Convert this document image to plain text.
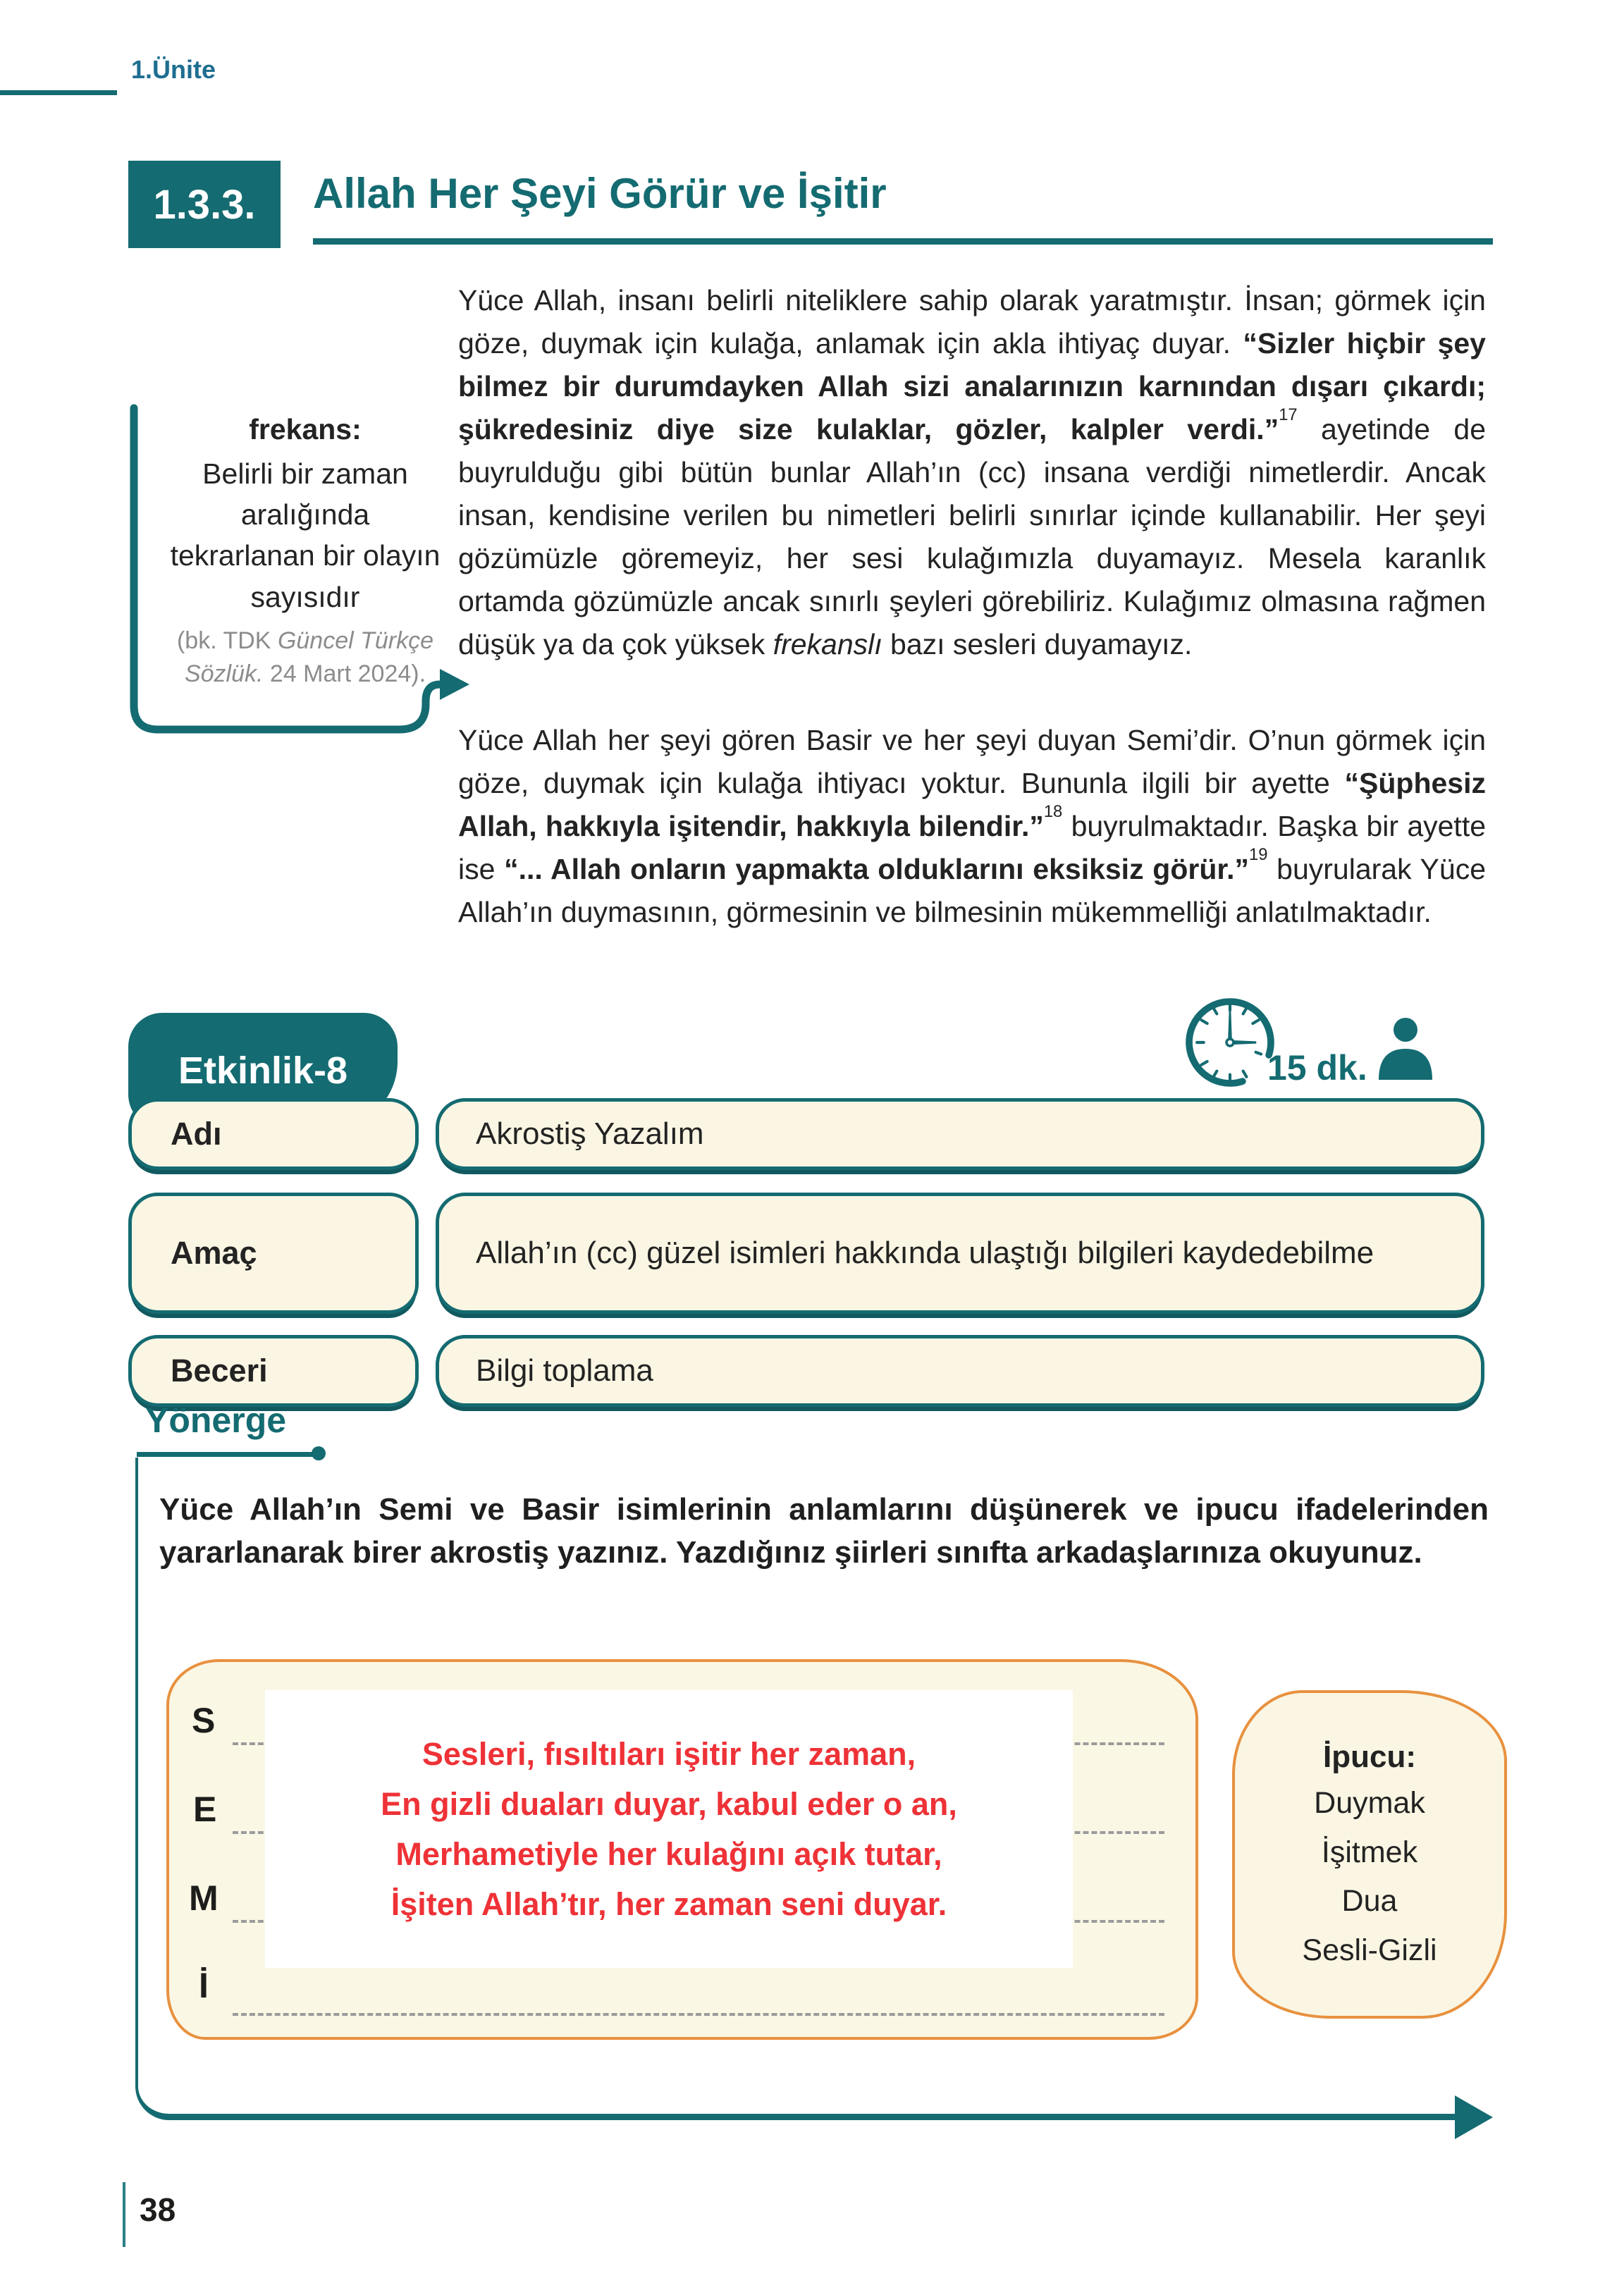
1.Ünite
1.3.3.	Allah Her Şeyi Görür ve İşitir
frekans:
Belirli bir zaman aralığında tekrarlanan bir olayın sayısıdır
(bk. TDK Güncel Türkçe Sözlük. 24 Mart 2024).
Yüce Allah, insanı belirli niteliklere sahip olarak yaratmıştır. İnsan; görmek için göze, duymak için kulağa, anlamak için akla ihtiyaç duyar. “Sizler hiçbir şey bilmez bir durumdayken Allah sizi analarınızın karnından dışarı çıkardı; şükredesiniz diye size kulaklar, gözler, kalpler verdi.”$^{17}$ ayetinde de buyrulduğu gibi bütün bunlar Allah’ın (cc) insana verdiği nimetlerdir. Ancak insan, kendisine verilen bu nimetleri belirli sınırlar içinde kullanabilir. Her şeyi gözümüzle göremeyiz, her sesi kulağımızla duyamayız. Mesela karanlık ortamda gözümüzle ancak sınırlı şeyleri görebiliriz. Kulağımız olmasına rağmen düşük ya da çok yüksek frekanslı bazı sesleri duyamayız.
Yüce Allah her şeyi gören Basir ve her şeyi duyan Semi’dir. O’nun görmek için göze, duymak için kulağa ihtiyacı yoktur. Bununla ilgili bir ayette “Şüphesiz Allah, hakkıyla işitendir, hakkıyla bilendir.”$^{18}$ buyrulmaktadır. Başka bir ayette ise “... Allah onların yapmakta olduklarını eksiksiz görür.”$^{19}$ buyrularak Yüce Allah’ın duymasının, görmesinin ve bilmesinin mükemmelliği anlatılmaktadır.
Etkinlik-8	15 dk.
Adı	Akrostiş Yazalım
Amaç	Allah’ın (cc) güzel isimleri hakkında ulaştığı bilgileri kaydedebilme
Beceri	Bilgi toplama
Yönerge
Yüce Allah’ın Semi ve Basir isimlerinin anlamlarını düşünerek ve ipucu ifadelerinden yararlanarak birer akrostiş yazınız. Yazdığınız şiirleri sınıfta arkadaşlarınıza okuyunuz.
S
E
M
İ
Sesleri, fısıltıları işitir her zaman,
En gizli duaları duyar, kabul eder o an,
Merhametiyle her kulağını açık tutar,
İşiten Allah’tır, her zaman seni duyar.
İpucu:
Duymak
İşitmek
Dua
Sesli-Gizli
38
